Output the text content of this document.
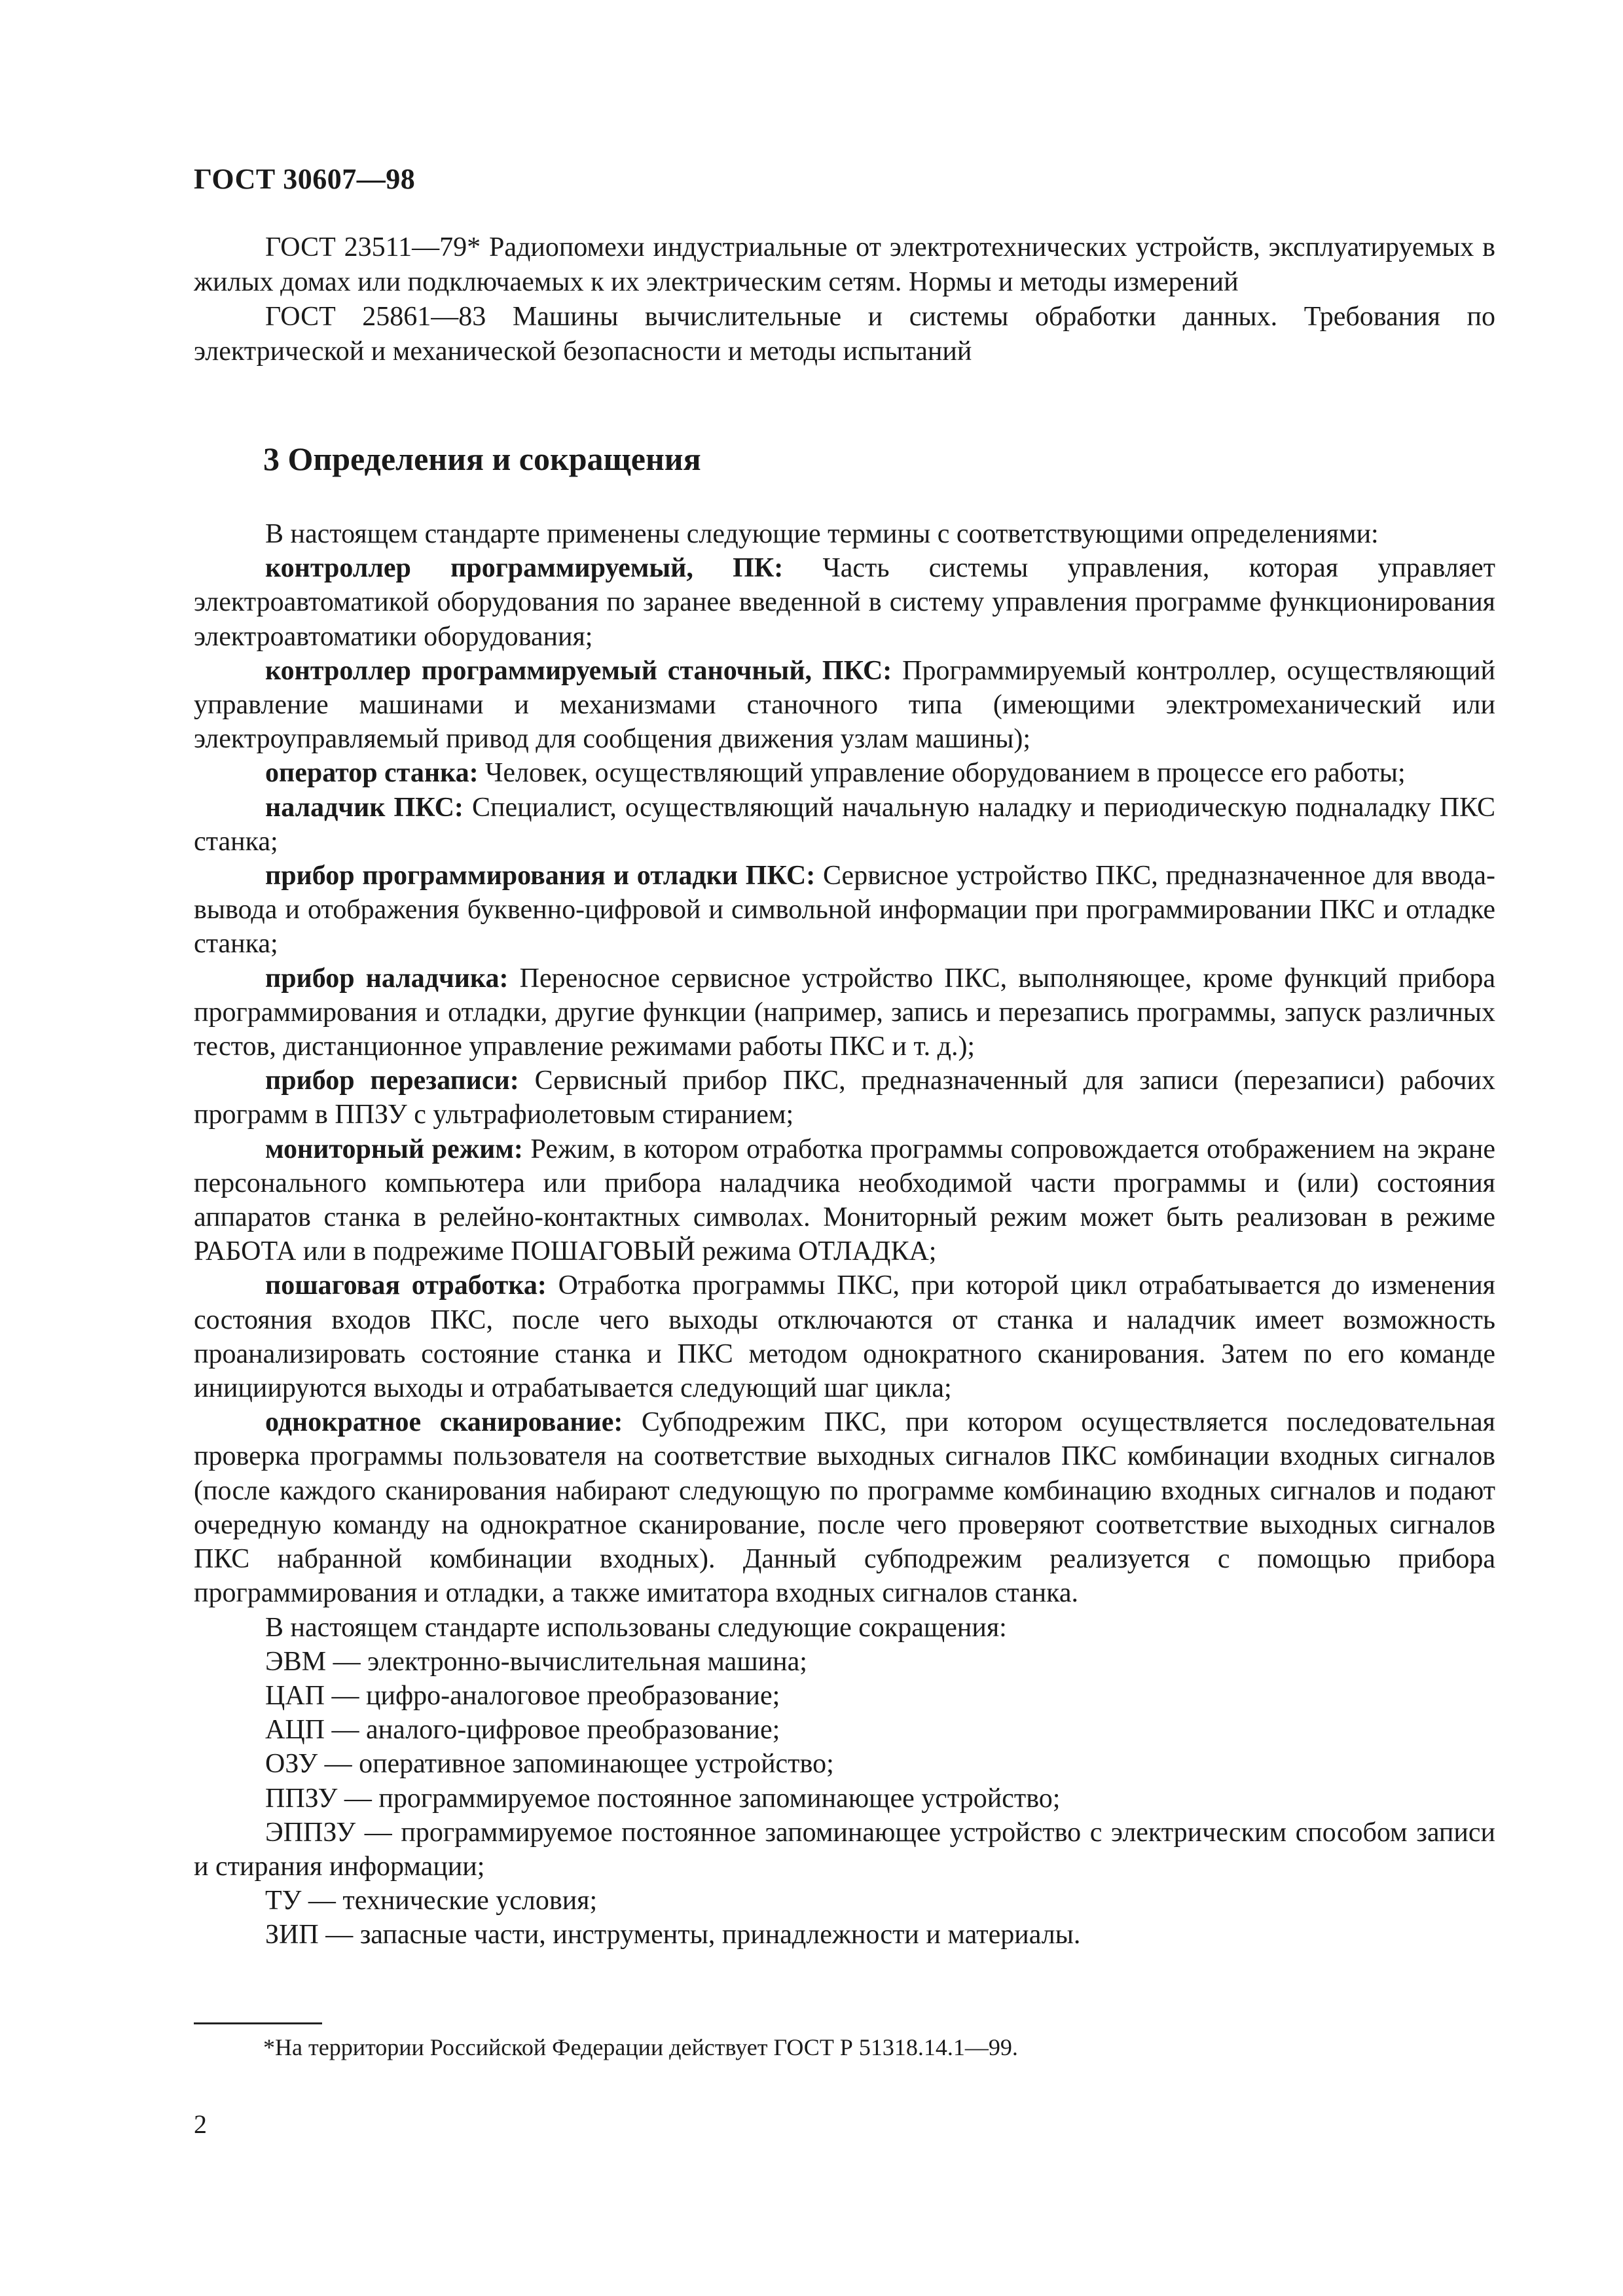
ГОСТ 30607—98

ГОСТ 23511—79* Радиопомехи индустриальные от электротехнических устройств, эксплуатируемых в жилых домах или подключаемых к их электрическим сетям. Нормы и методы измерений

ГОСТ 25861—83 Машины вычислительные и системы обработки данных. Требования по электрической и механической безопасности и методы испытаний

3 Определения и сокращения

В настоящем стандарте применены следующие термины с соответствующими определениями:

контроллер программируемый, ПК: Часть системы управления, которая управляет электроавтоматикой оборудования по заранее введенной в систему управления программе функционирования электроавтоматики оборудования;

контроллер программируемый станочный, ПКС: Программируемый контроллер, осуществляющий управление машинами и механизмами станочного типа (имеющими электромеханический или электроуправляемый привод для сообщения движения узлам машины);

оператор станка: Человек, осуществляющий управление оборудованием в процессе его работы;

наладчик ПКС: Специалист, осуществляющий начальную наладку и периодическую подналадку ПКС станка;

прибор программирования и отладки ПКС: Сервисное устройство ПКС, предназначенное для ввода-вывода и отображения буквенно-цифровой и символьной информации при программировании ПКС и отладке станка;

прибор наладчика: Переносное сервисное устройство ПКС, выполняющее, кроме функций прибора программирования и отладки, другие функции (например, запись и перезапись программы, запуск различных тестов, дистанционное управление режимами работы ПКС и т. д.);

прибор перезаписи: Сервисный прибор ПКС, предназначенный для записи (перезаписи) рабочих программ в ППЗУ с ультрафиолетовым стиранием;

мониторный режим: Режим, в котором отработка программы сопровождается отображением на экране персонального компьютера или прибора наладчика необходимой части программы и (или) состояния аппаратов станка в релейно-контактных символах. Мониторный режим может быть реализован в режиме РАБОТА или в подрежиме ПОШАГОВЫЙ режима ОТЛАДКА;

пошаговая отработка: Отработка программы ПКС, при которой цикл отрабатывается до изменения состояния входов ПКС, после чего выходы отключаются от станка и наладчик имеет возможность проанализировать состояние станка и ПКС методом однократного сканирования. Затем по его команде инициируются выходы и отрабатывается следующий шаг цикла;

однократное сканирование: Субподрежим ПКС, при котором осуществляется последовательная проверка программы пользователя на соответствие выходных сигналов ПКС комбинации входных сигналов (после каждого сканирования набирают следующую по программе комбинацию входных сигналов и подают очередную команду на однократное сканирование, после чего проверяют соответствие выходных сигналов ПКС набранной комбинации входных). Данный субподрежим реализуется с помощью прибора программирования и отладки, а также имитатора входных сигналов станка.

В настоящем стандарте использованы следующие сокращения:

ЭВМ — электронно-вычислительная машина;

ЦАП — цифро-аналоговое преобразование;

АЦП — аналого-цифровое преобразование;

ОЗУ — оперативное запоминающее устройство;

ППЗУ — программируемое постоянное запоминающее устройство;

ЭППЗУ — программируемое постоянное запоминающее устройство с электрическим способом записи и стирания информации;

ТУ — технические условия;

ЗИП — запасные части, инструменты, принадлежности и материалы.

*На территории Российской Федерации действует ГОСТ Р 51318.14.1—99.
2
